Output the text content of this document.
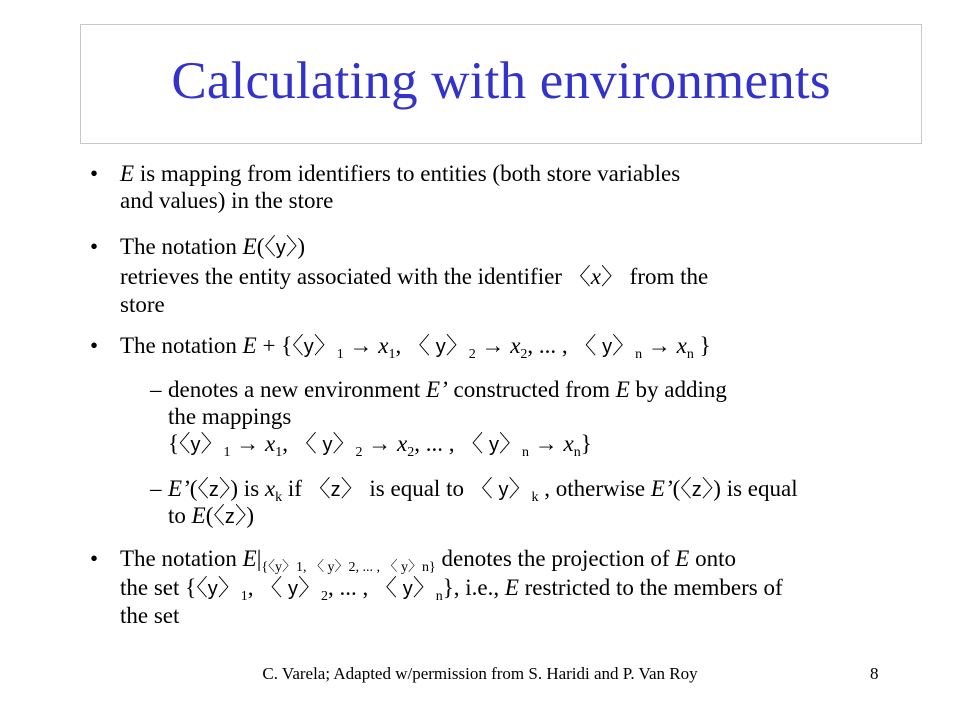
Calculating with environments
• E is mapping from identifiers to entities (both store variables
and values) in the store
• The notation E(〈y〉)
retrieves the entity associated with the identifier 〈x〉 from the
store
• The notation E + {〈y〉$_1 \to x_1$, 〈 y〉$_2 \to x_2$, ... , 〈 y〉$_n \to x_n$ }
– denotes a new environment E’ constructed from E by adding
the mappings
{〈y〉$_1 \to x_1$, 〈 y〉$_2 \to x_2$, ... , 〈 y〉$_n \to x_n$}
– E’(〈z〉) is $x_k$ if 〈z〉 is equal to 〈 y〉$_k$ , otherwise E’(〈z〉) is equal
to E(〈z〉)
• The notation $E|_{\{〈y〉1, 〈 y〉2, ... , 〈 y〉n\}}$ denotes the projection of E onto
the set {〈y〉$_1$, 〈 y〉$_2$, ... , 〈 y〉$_n$}, i.e., E restricted to the members of
the set
C. Varela; Adapted w/permission from S. Haridi and P. Van Roy	8
